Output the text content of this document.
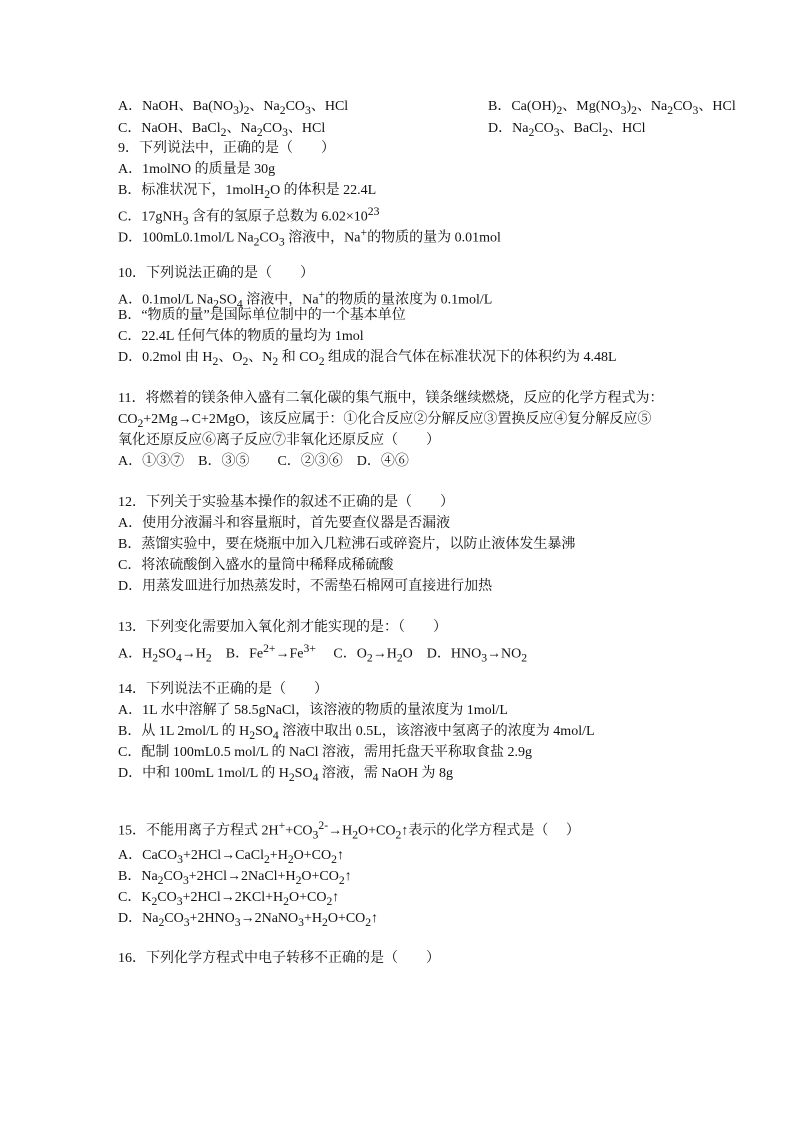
A．NaOH、$Ba(NO_3)_2$、$Na_2CO_3$、HCl	B．$Ca(OH)_2$、$Mg(NO_3)_2$、$Na_2CO_3$、HCl
C．NaOH、BaCl$_2$、$Na_2CO_3$、HCl	D．$Na_2CO_3$、BaCl$_2$、HCl
9．下列说法中，正确的是（　　）
A．1molNO 的质量是 30g
B．标准状况下，1molH$_2$O 的体积是 22.4L
C．17gNH$_3$ 含有的氢原子总数为 $6.02\times 10^{23}$
D．100mL0.1mol/L $Na_2CO_3$ 溶液中，Na+的物质的量为 0.01mol
10．下列说法正确的是（　　）
A．0.1mol/L $Na_2SO_4$ 溶液中，Na+的物质的量浓度为 0.1mol/L
B．“物质的量”是国际单位制中的一个基本单位
C．22.4L 任何气体的物质的量均为 1mol
D．0.2mol 由 $H_2$、$O_2$、$N_2$ 和 $CO_2$ 组成的混合气体在标准状况下的体积约为 4.48L
11．将燃着的镁条伸入盛有二氧化碳的集气瓶中，镁条继续燃烧，反应的化学方程式为：
$CO_2+2Mg\to C+2MgO$，该反应属于：①化合反应②分解反应③置换反应④复分解反应⑤
氧化还原反应⑥离子反应⑦非氧化还原反应（　　）
A．①③⑦　B．③⑤　　C．②③⑥　D．④⑥
12．下列关于实验基本操作的叙述不正确的是（　　）
A．使用分液漏斗和容量瓶时，首先要查仪器是否漏液
B．蒸馏实验中，要在烧瓶中加入几粒沸石或碎瓷片，以防止液体发生暴沸
C．将浓硫酸倒入盛水的量筒中稀释成稀硫酸
D．用蒸发皿进行加热蒸发时，不需垫石棉网可直接进行加热
13．下列变化需要加入氧化剂才能实现的是：（　　）
A．$H_2SO_4\to H_2$    B．$Fe^{2+}\to Fe^{3+}$     C．$O_2\to H_2O$    D．$HNO_3\to NO_2$
14．下列说法不正确的是（　　）
A．1L 水中溶解了 58.5gNaCl，该溶液的物质的量浓度为 1mol/L
B．从 1L 2mol/L 的 $H_2SO_4$ 溶液中取出 0.5L，该溶液中氢离子的浓度为 4mol/L
C．配制 100mL0.5 mol/L 的 NaCl 溶液，需用托盘天平称取食盐 2.9g
D．中和 100mL 1mol/L 的 $H_2SO_4$ 溶液，需 NaOH 为 8g
15．不能用离子方程式 $2H^++CO_3^{2-}\to H_2O+CO_2↑$表示的化学方程式是（     ）
A．$CaCO_3+2HCl\to CaCl_2+H_2O+CO_2↑$
B．$Na_2CO_3+2HCl\to 2NaCl+H_2O+CO_2↑$
C．$K_2CO_3+2HCl\to 2KCl+H_2O+CO_2↑$
D．$Na_2CO_3+2HNO_3\to 2NaNO_3+H_2O+CO_2↑$
16．下列化学方程式中电子转移不正确的是（　　）
